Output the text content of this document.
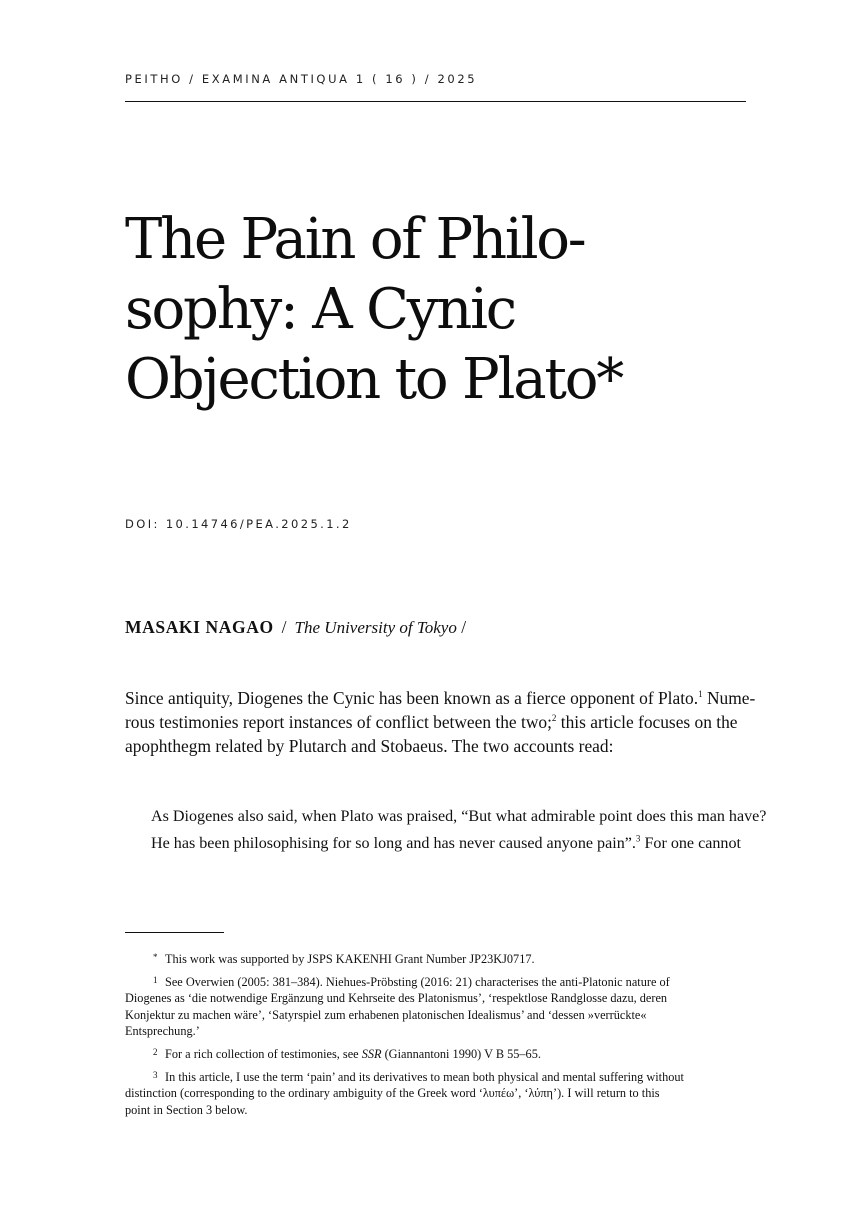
PEITHO / EXAMINA ANTIQUA 1 ( 16 ) / 2025
The Pain of Philo-
sophy: A Cynic
Objection to Plato*
DOI: 10.14746/PEA.2025.1.2
MASAKI NAGAO / The University of Tokyo /
Since antiquity, Diogenes the Cynic has been known as a fierce opponent of Plato.$^1$ Nume-
rous testimonies report instances of conflict between the two;$^2$ this article focuses on the
apophthegm related by Plutarch and Stobaeus. The two accounts read:
As Diogenes also said, when Plato was praised, “But what admirable point does this man have?
He has been philosophising for so long and has never caused anyone pain”.$^3$ For one cannot
* This work was supported by JSPS KAKENHI Grant Number JP23KJ0717.
1 See Overwien (2005: 381–384). Niehues-Pröbsting (2016: 21) characterises the anti-Platonic nature of
Diogenes as ‘die notwendige Ergänzung und Kehrseite des Platonismus’, ‘respektlose Randglosse dazu, deren
Konjektur zu machen wäre’, ‘Satyrspiel zum erhabenen platonischen Idealismus’ and ‘dessen »verrückte«
Entsprechung.’
2 For a rich collection of testimonies, see SSR (Giannantoni 1990) V B 55–65.
3 In this article, I use the term ‘pain’ and its derivatives to mean both physical and mental suffering without
distinction (corresponding to the ordinary ambiguity of the Greek word ‘λυπέω’, ‘λύπη’). I will return to this
point in Section 3 below.
